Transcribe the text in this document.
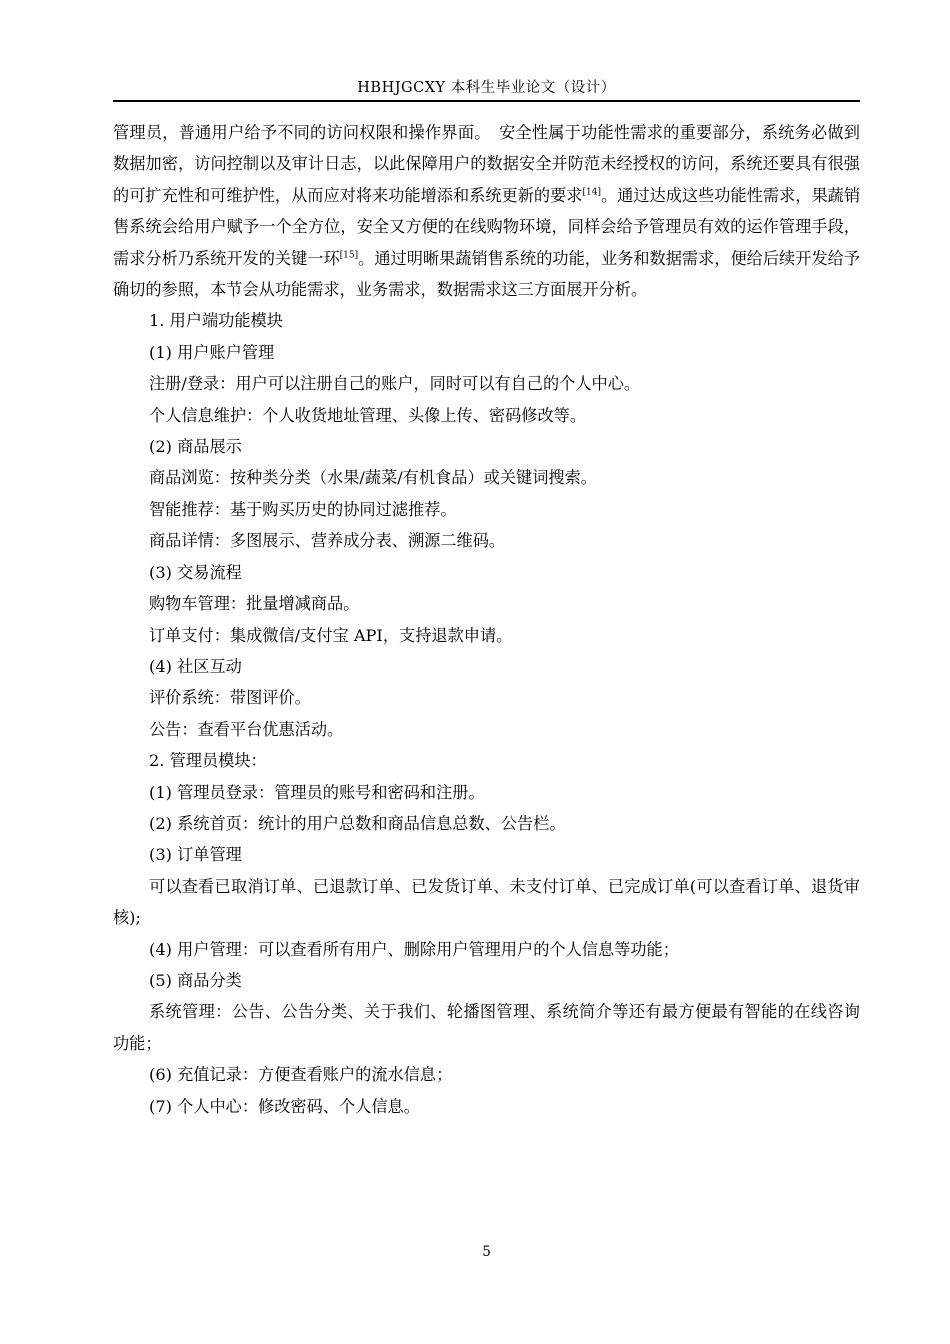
HBHJGCXY 本科生毕业论文（设计）

管理员，普通用户给予不同的访问权限和操作界面。　安全性属于功能性需求的重要部分，系统务必做到数据加密，访问控制以及审计日志，以此保障用户的数据安全并防范未经授权的访问，系统还要具有很强的可扩充性和可维护性，从而应对将来功能增添和系统更新的要求[14]。通过达成这些功能性需求，果蔬销售系统会给用户赋予一个全方位，安全又方便的在线购物环境，同样会给予管理员有效的运作管理手段，需求分析乃系统开发的关键一环[15]。通过明晰果蔬销售系统的功能，业务和数据需求，便给后续开发给予确切的参照，本节会从功能需求，业务需求，数据需求这三方面展开分析。

1. 用户端功能模块

(1) 用户账户管理

注册/登录：用户可以注册自己的账户，同时可以有自己的个人中心。

个人信息维护：个人收货地址管理、头像上传、密码修改等。

(2) 商品展示

商品浏览：按种类分类（水果/蔬菜/有机食品）或关键词搜索。

智能推荐：基于购买历史的协同过滤推荐。

商品详情：多图展示、营养成分表、溯源二维码。

(3) 交易流程

购物车管理：批量增减商品。

订单支付：集成微信/支付宝 API，支持退款申请。

(4) 社区互动

评价系统：带图评价。

公告：查看平台优惠活动。

2. 管理员模块：

(1) 管理员登录：管理员的账号和密码和注册。

(2) 系统首页：统计的用户总数和商品信息总数、公告栏。

(3) 订单管理

可以查看已取消订单、已退款订单、已发货订单、未支付订单、已完成订单(可以查看订单、退货审核);

(4) 用户管理：可以查看所有用户、删除用户管理用户的个人信息等功能；

(5) 商品分类

系统管理：公告、公告分类、关于我们、轮播图管理、系统简介等还有最方便最有智能的在线咨询功能；

(6) 充值记录：方便查看账户的流水信息；

(7) 个人中心：修改密码、个人信息。

5
